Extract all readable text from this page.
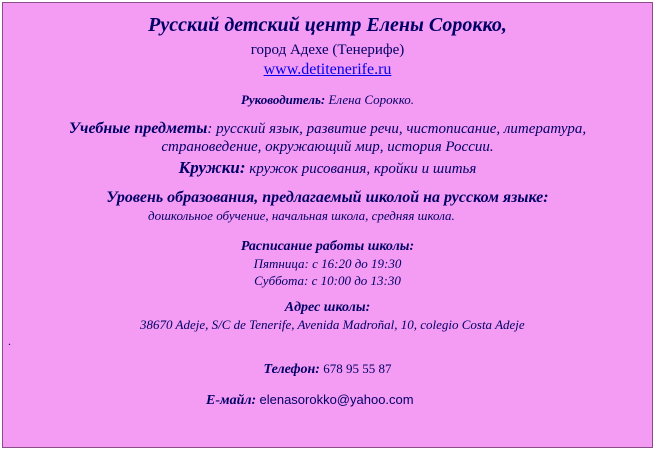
Русский детский центр Елены Сорокко,
город Адехе (Тенерифе)
www.detitenerife.ru
Руководитель: Елена Сорокко.
Учебные предметы: русский язык, развитие речи, чистописание, литература,
страноведение, окружающий мир, история России.
Кружки: кружок рисования, кройки и шитья
Уровень образования, предлагаемый школой на русском языке:
дошкольное обучение, начальная школа, средняя школа.
Расписание работы школы:
Пятница: с 16:20 до 19:30
Суббота: с 10:00 до 13:30
Адрес школы:
38670 Adeje, S/C de Tenerife, Avenida Madroñal, 10, colegio Costa Adeje
.
Телефон: 678 95 55 87
Е-майл: elenasorokko@yahoo.com
